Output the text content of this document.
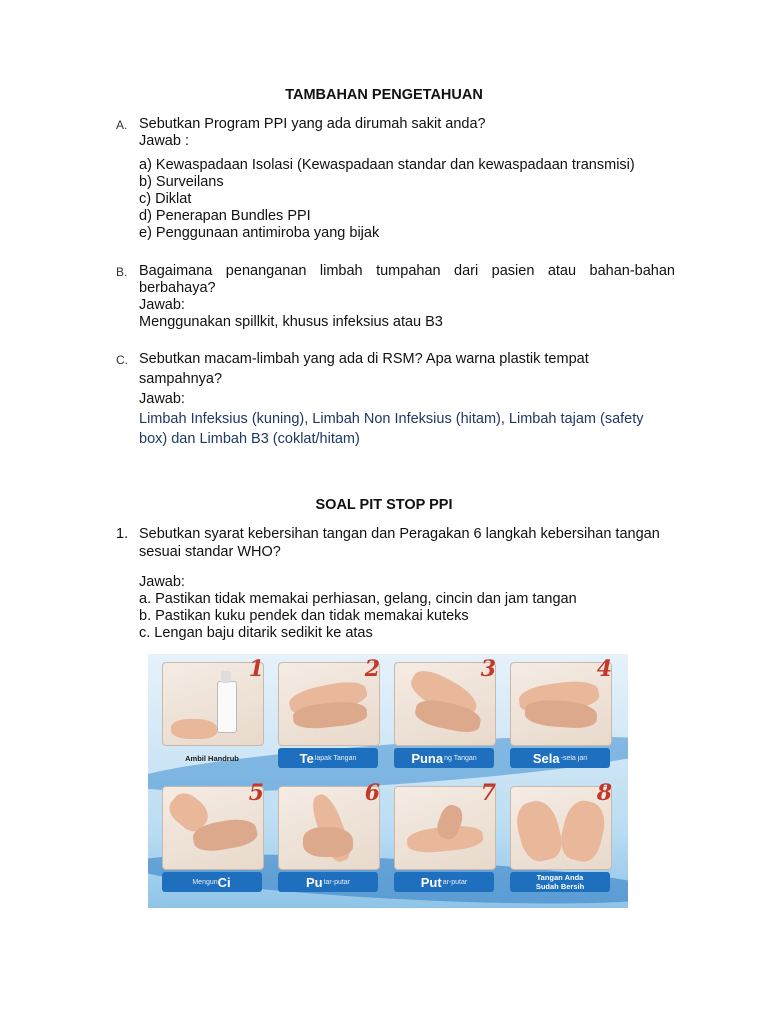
TAMBAHAN PENGETAHUAN
A. Sebutkan Program PPI yang ada dirumah sakit anda?

Jawab :

a) Kewaspadaan Isolasi (Kewaspadaan standar dan kewaspadaan transmisi)

b) Surveilans

c) Diklat

d) Penerapan Bundles PPI

e) Penggunaan antimiroba yang bijak

B. Bagaimana penanganan limbah tumpahan dari pasien atau bahan-bahan berbahaya?

Jawab:

Menggunakan spillkit, khusus infeksius atau B3

C. Sebutkan macam-limbah yang ada di RSM? Apa warna plastik tempat sampahnya?

Jawab:

Limbah Infeksius (kuning), Limbah Non Infeksius (hitam), Limbah tajam (safety box) dan Limbah B3 (coklat/hitam)

SOAL PIT STOP PPI
1. Sebutkan syarat kebersihan tangan dan Peragakan 6 langkah kebersihan tangan sesuai standar WHO?

Jawab:

a. Pastikan tidak memakai perhiasan, gelang, cincin dan jam tangan

b. Pastikan kuku pendek dan tidak memakai kuteks

c. Lengan baju ditarik sedikit ke atas

1
Ambil Handrub
2
Te lapak Tangan
3
Puna ng Tangan
4
Sela -sela jari
5
Mengun Ci
6
Pu tar-putar
7
Put ar-putar
8
Tangan Anda
Sudah Bersih
